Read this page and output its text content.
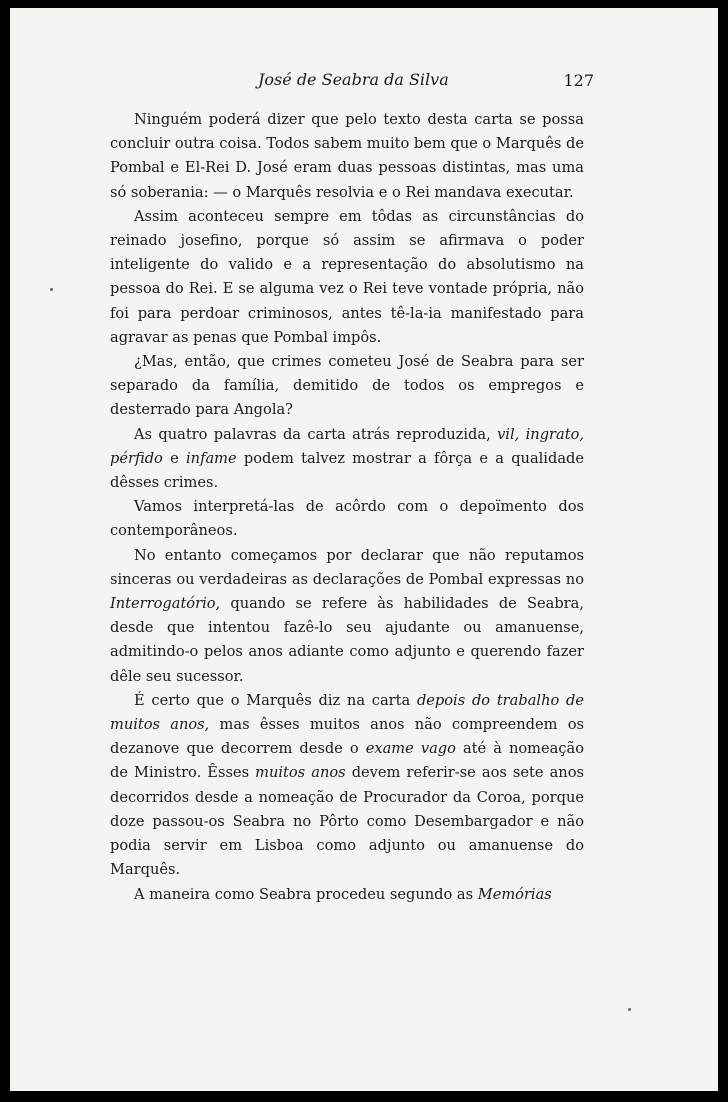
José de Seabra da Silva	127

Ninguém poderá dizer que pelo texto desta carta se possa concluir outra coisa. Todos sabem muito bem que o Marquês de Pombal e El-Rei D. José eram duas pessoas distintas, mas uma só soberania: — o Marquês resolvia e o Rei mandava executar.

Assim aconteceu sempre em tôdas as circunstâncias do reinado josefino, porque só assim se afirmava o poder inteligente do valido e a representação do absolutismo na pessoa do Rei. E se alguma vez o Rei teve vontade própria, não foi para perdoar criminosos, antes tê-la-ia manifestado para agravar as penas que Pombal impôs.

¿Mas, então, que crimes cometeu José de Seabra para ser separado da família, demitido de todos os empregos e desterrado para Angola?

As quatro palavras da carta atrás reproduzida, vil, ingrato, pérfido e infame podem talvez mostrar a fôrça e a qualidade dêsses crimes.

Vamos interpretá-las de acôrdo com o depoïmento dos contemporâneos.

No entanto começamos por declarar que não reputamos sinceras ou verdadeiras as declarações de Pombal expressas no Interrogatório, quando se refere às habilidades de Seabra, desde que intentou fazê-lo seu ajudante ou amanuense, admitindo-o pelos anos adiante como adjunto e querendo fazer dêle seu sucessor.

É certo que o Marquês diz na carta depois do trabalho de muitos anos, mas êsses muitos anos não compreendem os dezanove que decorrem desde o exame vago até à nomeação de Ministro. Êsses muitos anos devem referir-se aos sete anos decorridos desde a nomeação de Procurador da Coroa, porque doze passou-os Seabra no Pôrto como Desembargador e não podia servir em Lisboa como adjunto ou amanuense do Marquês.

A maneira como Seabra procedeu segundo as Memórias
